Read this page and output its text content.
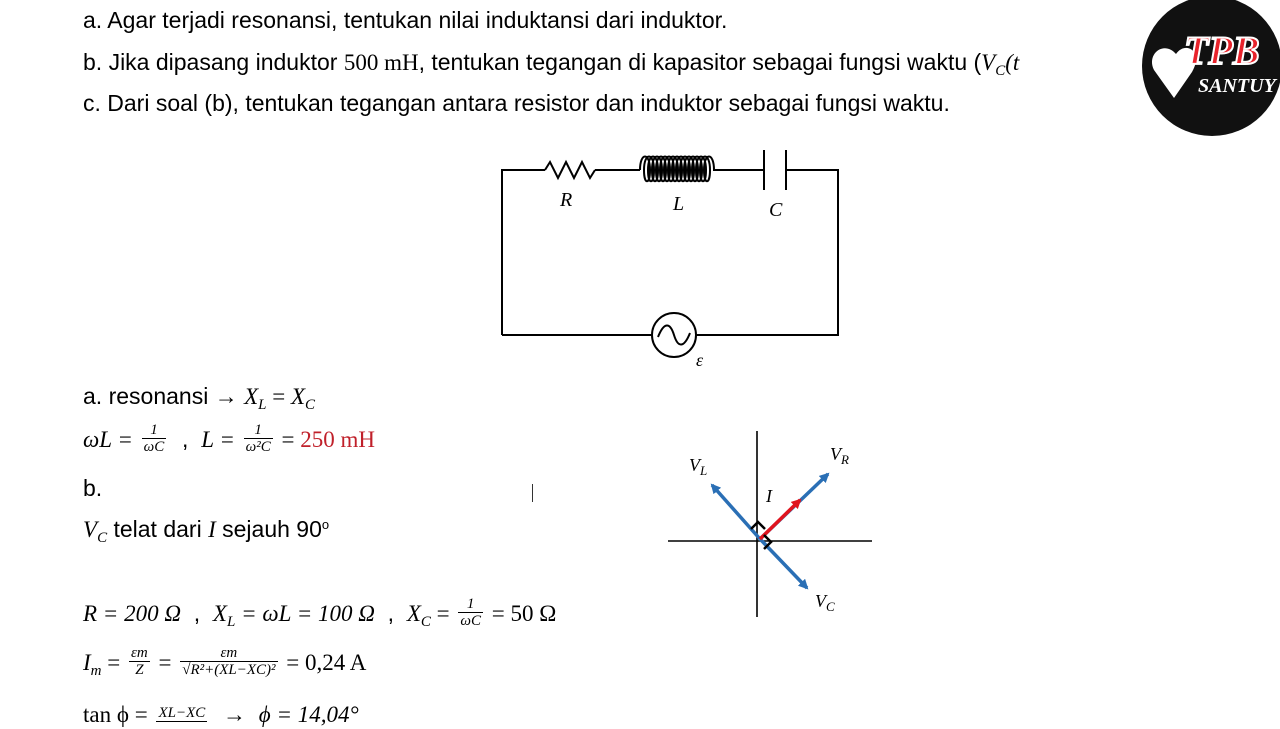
a. Agar terjadi resonansi, tentukan nilai induktansi dari induktor.
b. Jika dipasang induktor 500 mH, tentukan tegangan di kapasitor sebagai fungsi waktu ($V_C(t$
c. Dari soal (b), tentukan tegangan antara resistor dan induktor sebagai fungsi waktu.
TPB
SANTUY
R	L	C
ε
a. resonansi → $X_L = X_C$
$\omega L = \frac{1}{\omega C}$ ,  $L = \frac{1}{\text{ω²C}} = 250$ mH
b.
$V_C$ telat dari I sejauh 90$^o$
R = 200 Ω  ,  $X_L = \omega L = 100$ Ω  ,  $X_C = \frac{1}{\omega C} = 50$ Ω
$I_m = \frac{\varepsilon m}{Z} = \frac{\varepsilon m}{\text{√R²+(XL−XC)²}} = 0,24$ A
tan ϕ = XL−XC →  ϕ = 14,04°
$V_L$
$V_R$
$V_C$
I
